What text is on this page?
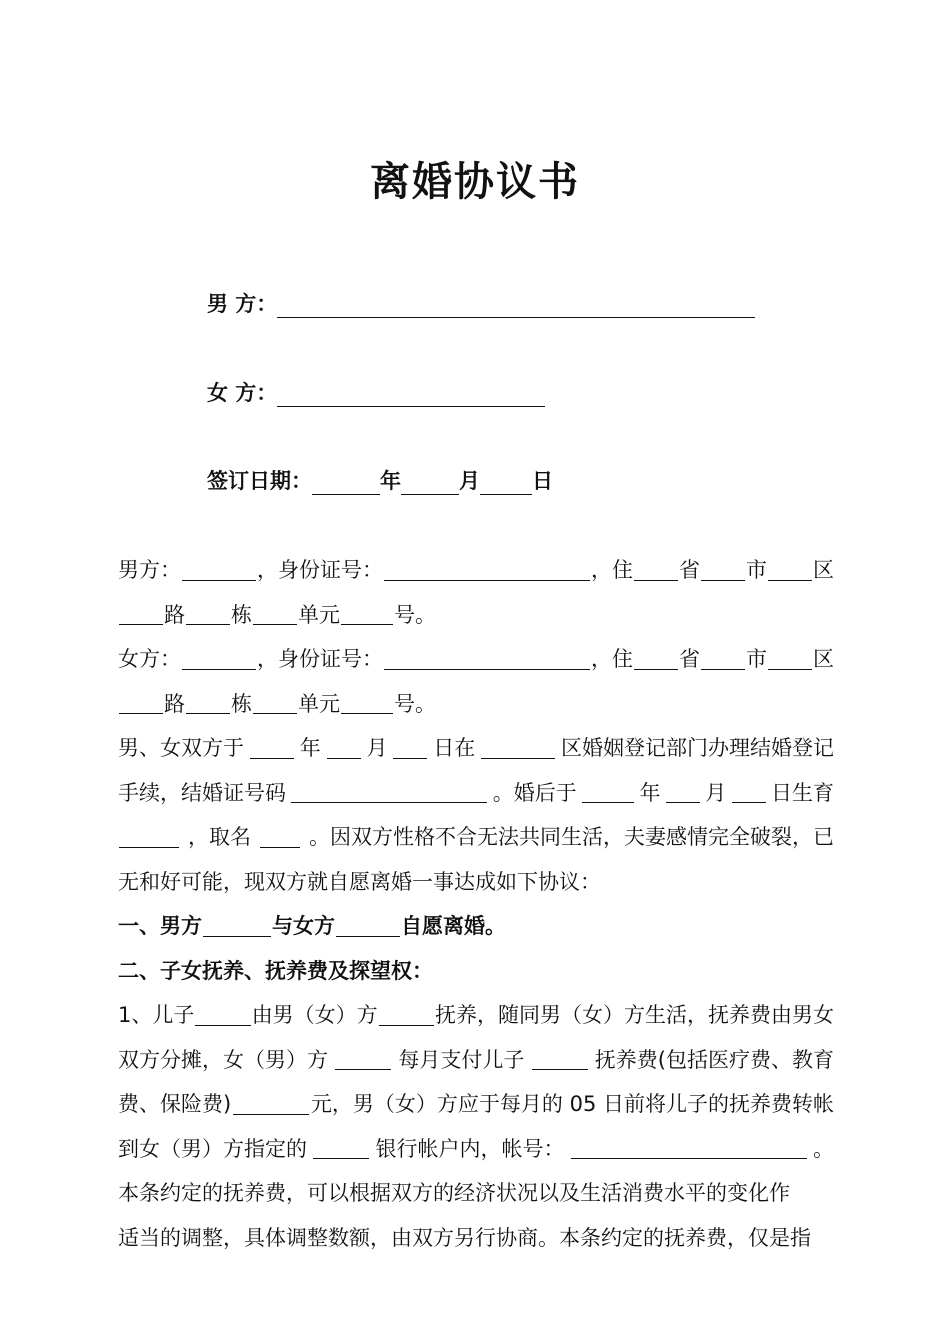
离婚协议书
男 方：
女 方：
签订日期：	年	月 日
男方：	，身份证号：	，住 省 市 区
路 栋 单元	号。
女方：	，身份证号：	，住 省 市 区
路 栋 单元	号。
男、女双方于	年 月 日在	区婚姻登记部门办理结婚登记
手续，结婚证号码	。婚后于	年 月 日生育
，取名	。因双方性格不合无法共同生活，夫妻感情完全破裂，已
无和好可能，现双方就自愿离婚一事达成如下协议：
一、男方	与女方	自愿离婚。
二、子女抚养、抚养费及探望权：
1、儿子	由男（女）方	抚养，随同男（女）方生活，抚养费由男女
双方分摊，女（男）方	每月支付儿子	抚养费(包括医疗费、教育
费、保险费)	元，男（女）方应于每月的 05 日前将儿子的抚养费转帐
到女（男）方指定的	银行帐户内，帐号：	。
本条约定的抚养费，可以根据双方的经济状况以及生活消费水平的变化作
适当的调整，具体调整数额，由双方另行协商。本条约定的抚养费，仅是指
